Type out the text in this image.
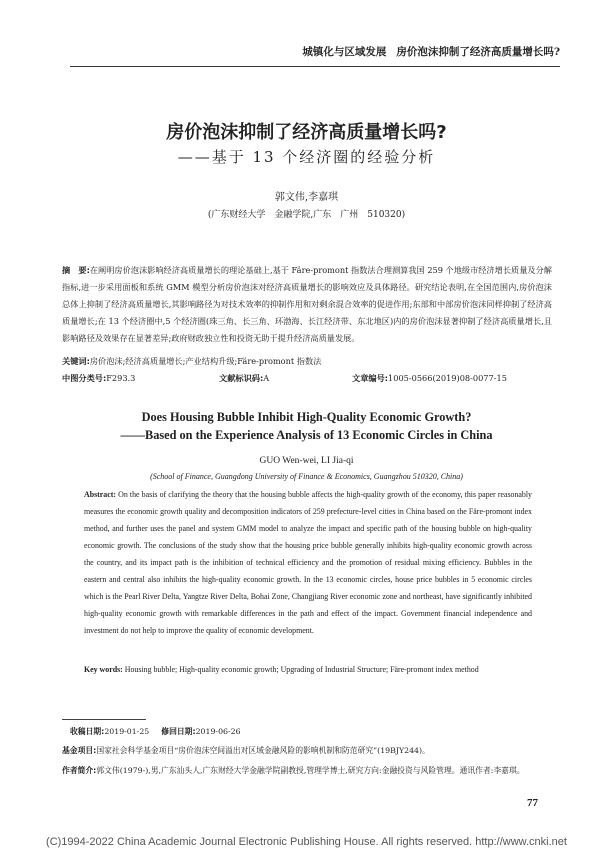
城镇化与区域发展 房价泡沫抑制了经济高质量增长吗?
房价泡沫抑制了经济高质量增长吗?
——基于 13 个经济圈的经验分析
郭文伟,李嘉琪
(广东财经大学　金融学院,广东　广州　510320)
摘　要:在阐明房价泡沫影响经济高质量增长的理论基础上,基于 Färe-promont 指数法合理测算我国 259 个地级市经济增长质量及分解指标,进一步采用面板和系统 GMM 模型分析房价泡沫对经济高质量增长的影响效应及具体路径。研究结论表明,在全国范围内,房价泡沫总体上抑制了经济高质量增长,其影响路径为对技术效率的抑制作用和对剩余混合效率的促进作用;东部和中部房价泡沫同样抑制了经济高质量增长;在 13 个经济圈中,5 个经济圈(珠三角、长三角、环渤海、长江经济带、东北地区)内的房价泡沫显著抑制了经济高质量增长,且影响路径及效果存在显著差异;政府财政独立性和投资无助于提升经济高质量发展。
关键词:房价泡沫;经济高质量增长;产业结构升级;Färe-promont 指数法
中图分类号:F293.3	文献标识码:A	文章编号:1005-0566(2019)08-0077-15
Does Housing Bubble Inhibit High-Quality Economic Growth?
——Based on the Experience Analysis of 13 Economic Circles in China
GUO Wen-wei, LI Jia-qi
(School of Finance, Guangdong University of Finance & Economics, Guangzhou 510320, China)
Abstract: On the basis of clarifying the theory that the housing bubble affects the high-quality growth of the economy, this paper reasonably measures the economic growth quality and decomposition indicators of 259 prefecture-level cities in China based on the Färe-promont index method, and further uses the panel and system GMM model to analyze the impact and specific path of the housing bubble on high-quality economic growth. The conclusions of the study show that the housing price bubble generally inhibits high-quality economic growth across the country, and its impact path is the inhibition of technical efficiency and the promotion of residual mixing efficiency. Bubbles in the eastern and central also inhibits the high-quality economic growth. In the 13 economic circles, house price bubbles in 5 economic circles which is the Pearl River Delta, Yangtze River Delta, Bohai Zone, Changjiang River economic zone and northeast, have significantly inhibited high-quality economic growth with remarkable differences in the path and effect of the impact. Government financial independence and investment do not help to improve the quality of economic development.
Key words: Housing bubble; High-quality economic growth; Upgrading of Industrial Structure; Färe-promont index method
收稿日期:2019-01-25 修回日期:2019-06-26
基金项目:国家社会科学基金项目“房价泡沫空间溢出对区域金融风险的影响机制和防范研究”(19BJY244)。
作者简介:郭文伟(1979-),男,广东汕头人,广东财经大学金融学院副教授,管理学博士,研究方向:金融投资与风险管理。通讯作者:李嘉琪。
77
(C)1994-2022 China Academic Journal Electronic Publishing House. All rights reserved. http://www.cnki.net
